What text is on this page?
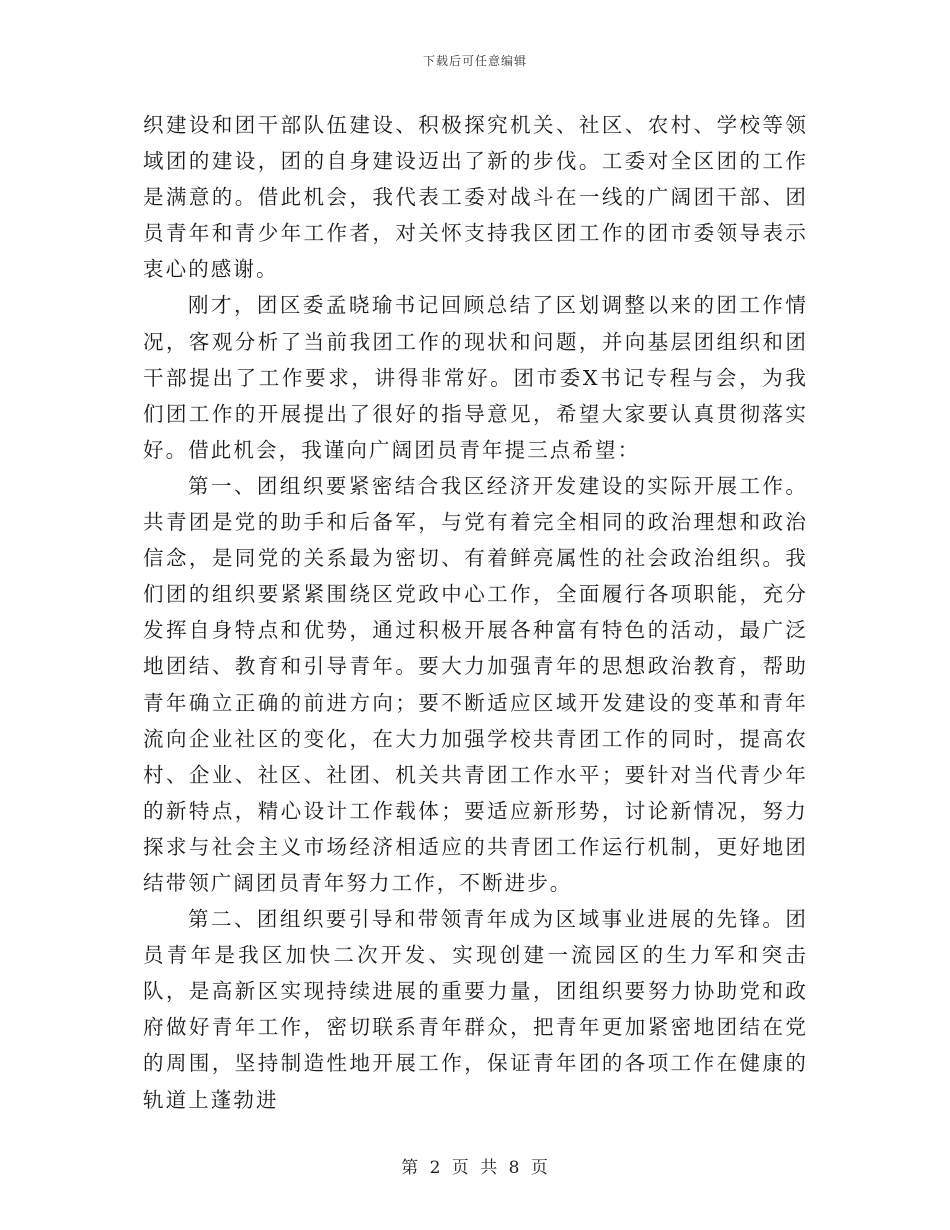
下载后可任意编辑

织建设和团干部队伍建设、积极探究机关、社区、农村、学校等领域团的建设，团的自身建设迈出了新的步伐。工委对全区团的工作是满意的。借此机会，我代表工委对战斗在一线的广阔团干部、团员青年和青少年工作者，对关怀支持我区团工作的团市委领导表示衷心的感谢。

刚才，团区委孟晓瑜书记回顾总结了区划调整以来的团工作情况，客观分析了当前我团工作的现状和问题，并向基层团组织和团干部提出了工作要求，讲得非常好。团市委X书记专程与会，为我们团工作的开展提出了很好的指导意见，希望大家要认真贯彻落实好。借此机会，我谨向广阔团员青年提三点希望：

第一、团组织要紧密结合我区经济开发建设的实际开展工作。共青团是党的助手和后备军，与党有着完全相同的政治理想和政治信念，是同党的关系最为密切、有着鲜亮属性的社会政治组织。我们团的组织要紧紧围绕区党政中心工作，全面履行各项职能，充分发挥自身特点和优势，通过积极开展各种富有特色的活动，最广泛地团结、教育和引导青年。要大力加强青年的思想政治教育，帮助青年确立正确的前进方向；要不断适应区域开发建设的变革和青年流向企业社区的变化，在大力加强学校共青团工作的同时，提高农村、企业、社区、社团、机关共青团工作水平；要针对当代青少年的新特点，精心设计工作载体；要适应新形势，讨论新情况，努力探求与社会主义市场经济相适应的共青团工作运行机制，更好地团结带领广阔团员青年努力工作，不断进步。

第二、团组织要引导和带领青年成为区域事业进展的先锋。团员青年是我区加快二次开发、实现创建一流园区的生力军和突击队，是高新区实现持续进展的重要力量，团组织要努力协助党和政府做好青年工作，密切联系青年群众，把青年更加紧密地团结在党的周围，坚持制造性地开展工作，保证青年团的各项工作在健康的轨道上蓬勃进

第 2 页 共 8 页
